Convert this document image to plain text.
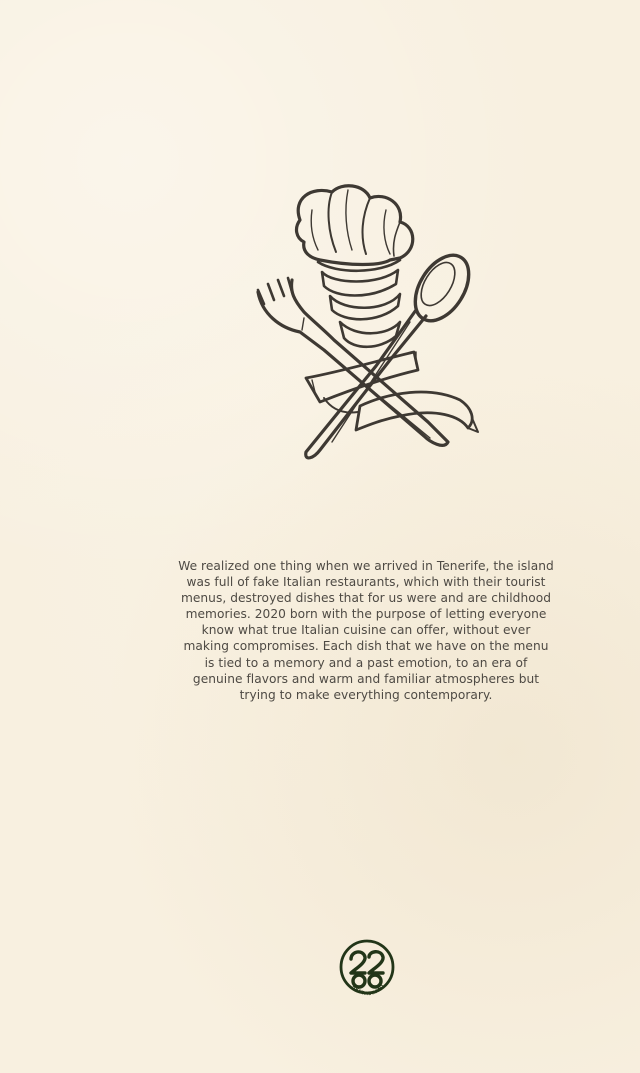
We realized one thing when we arrived in Tenerife, the island was full of fake Italian restaurants, which with their tourist menus, destroyed dishes that for us were and are childhood memories. 2020 born with the purpose of letting everyone know what true Italian cuisine can offer, without ever making compromises. Each dish that we have on the menu is tied to a memory and a past emotion, to an era of genuine flavors and warm and familiar atmospheres but trying to make everything contemporary.

RESTAURANT
